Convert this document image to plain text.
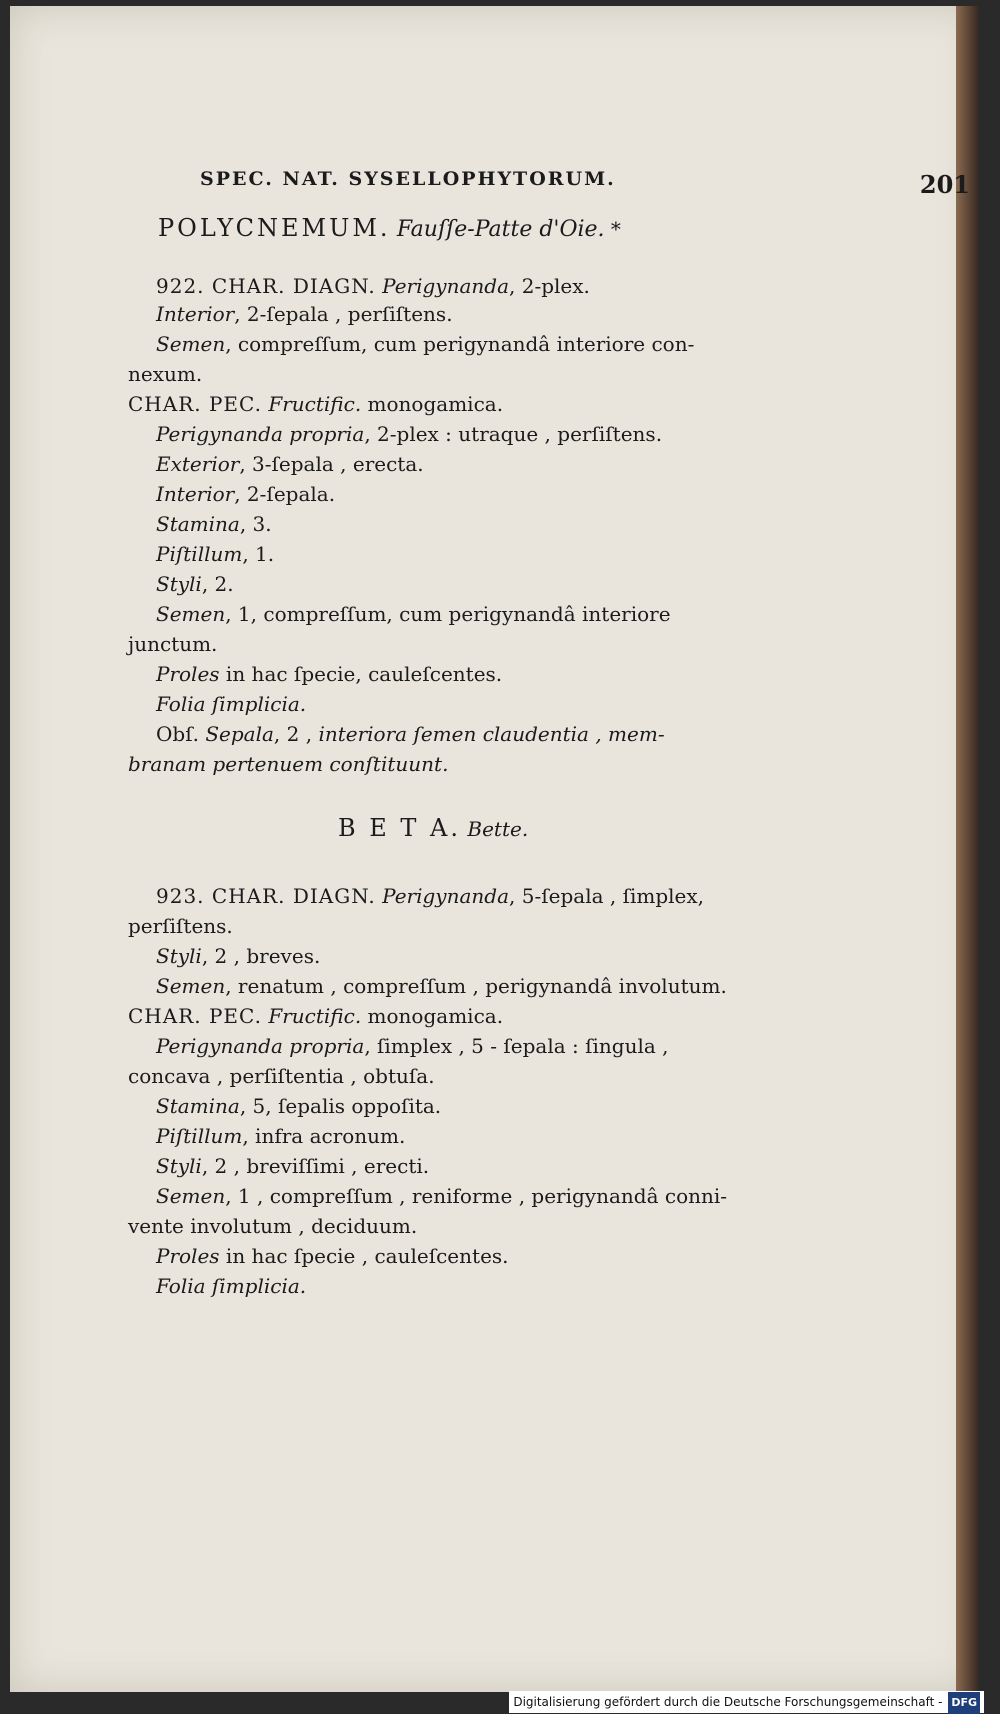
201
SPEC. NAT. SYSELLOPHYTORUM.
POLYCNEMUM. Fauſſe-Patte d'Oie. *
922. CHAR. DIAGN. Perigynanda, 2-plex.
Interior, 2-ſepala , perſiſtens.
Semen, compreſſum, cum perigynandâ interiore con-
nexum.
CHAR. PEC. Fructific. monogamica.
Perigynanda propria, 2-plex : utraque , perſiſtens.
Exterior, 3-ſepala , erecta.
Interior, 2-ſepala.
Stamina, 3.
Piſtillum, 1.
Styli, 2.
Semen, 1, compreſſum, cum perigynandâ interiore
junctum.
Proles in hac ſpecie, cauleſcentes.
Folia ſimplicia.
Obſ. Sepala, 2 , interiora ſemen claudentia , mem-
branam pertenuem conſtituunt.
B E T A. Bette.
923. CHAR. DIAGN. Perigynanda, 5-ſepala , ſimplex,
perſiſtens.
Styli, 2 , breves.
Semen, renatum , compreſſum , perigynandâ involutum.
CHAR. PEC. Fructific. monogamica.
Perigynanda propria, ſimplex , 5 - ſepala : ſingula ,
concava , perſiſtentia , obtuſa.
Stamina, 5, ſepalis oppoſita.
Piſtillum, infra acronum.
Styli, 2 , breviſſimi , erecti.
Semen, 1 , compreſſum , reniforme , perigynandâ conni-
vente involutum , deciduum.
Proles in hac ſpecie , cauleſcentes.
Folia ſimplicia.
Digitalisierung gefördert durch die Deutsche Forschungsgemeinschaft - DFG
